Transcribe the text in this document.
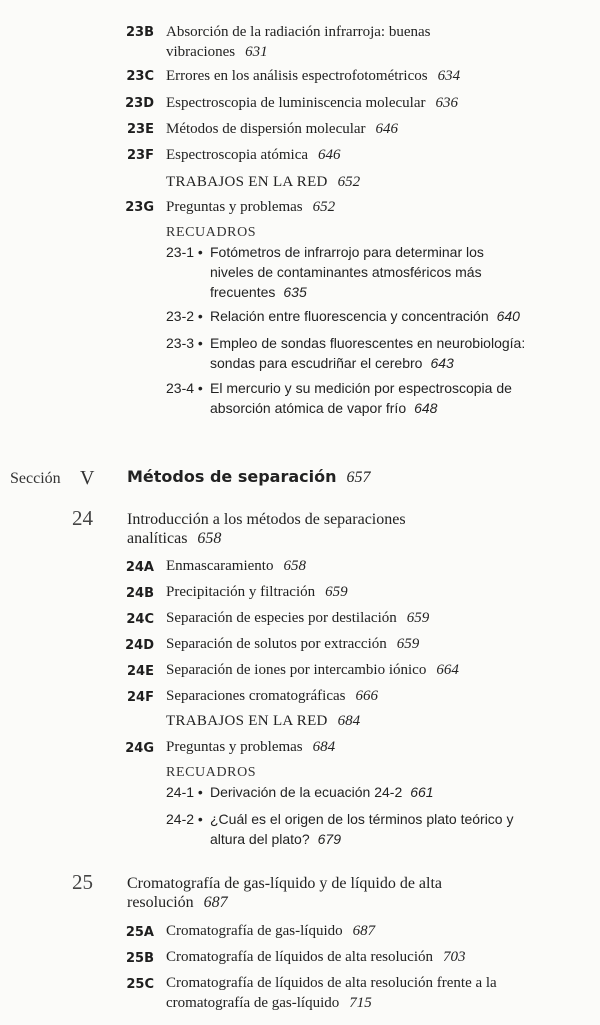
23B Absorción de la radiación infrarroja: buenas
vibraciones 631
23C Errores en los análisis espectrofotométricos 634
23D Espectroscopia de luminiscencia molecular 636
23E Métodos de dispersión molecular 646
23F Espectroscopia atómica 646
TRABAJOS EN LA RED 652
23G Preguntas y problemas 652
RECUADROS
23-1 • Fotómetros de infrarrojo para determinar los
niveles de contaminantes atmosféricos más
frecuentes 635
23-2 • Relación entre fluorescencia y concentración 640
23-3 • Empleo de sondas fluorescentes en neurobiología:
sondas para escudriñar el cerebro 643
23-4 • El mercurio y su medición por espectroscopia de
absorción atómica de vapor frío 648
Sección V Métodos de separación 657
24 Introducción a los métodos de separaciones
analíticas 658
24A Enmascaramiento 658
24B Precipitación y filtración 659
24C Separación de especies por destilación 659
24D Separación de solutos por extracción 659
24E Separación de iones por intercambio iónico 664
24F Separaciones cromatográficas 666
TRABAJOS EN LA RED 684
24G Preguntas y problemas 684
RECUADROS
24-1 • Derivación de la ecuación 24-2 661
24-2 • ¿Cuál es el origen de los términos plato teórico y
altura del plato? 679
25 Cromatografía de gas-líquido y de líquido de alta
resolución 687
25A Cromatografía de gas-líquido 687
25B Cromatografía de líquidos de alta resolución 703
25C Cromatografía de líquidos de alta resolución frente a la
cromatografía de gas-líquido 715
